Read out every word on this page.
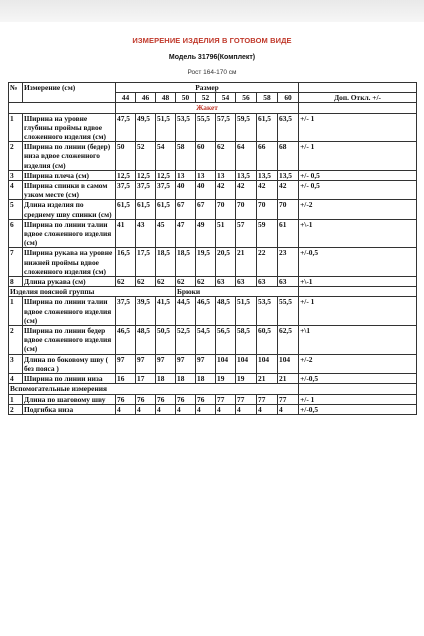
ИЗМЕРЕНИЕ ИЗДЕЛИЯ В ГОТОВОМ ВИДЕ
Модель 31796(Комплект)
Рост 164-170 см
№	Измерение (см)	Размер									
		44	46	48	50	52	54	56	58	60	Доп. Откл. +/-
		Жакет									
1	Ширина на уровне глубины проймы вдвое сложенного изделия (см)	47,5	49,5	51,5	53,5	55,5	57,5	59,5	61,5	63,5	+/- 1
2	Ширина по линии (бедер) низа вдвое сложенного изделия (см)	50	52	54	58	60	62	64	66	68	+/- 1
3	Ширина плеча (см)	12,5	12,5	12,5	13	13	13	13,5	13,5	13,5	+/- 0,5
4	Ширина спинки в самом узком месте (см)	37,5	37,5	37,5	40	40	42	42	42	42	+/- 0,5
5	Длина изделия по среднему шву спинки (см)	61,5	61,5	61,5	67	67	70	70	70	70	+/-2
6	Ширина по линии талии вдвое сложенного изделия (см)	41	43	45	47	49	51	57	59	61	+\-1
7	Ширина рукава на уровне нижней проймы вдвое сложенного изделия (см)	16,5	17,5	18,5	18,5	19,5	20,5	21	22	23	+/-0,5
8	Длина рукава (см)	62	62	62	62	62	63	63	63	63	+\-1
Изделия поясной группы					Брюки						
1	Ширина по линии талии вдвое сложенного изделия (см)	37,5	39,5	41,5	44,5	46,5	48,5	51,5	53,5	55,5	+/- 1
2	Ширина по линии бедер вдвое сложенного изделия (см)	46,5	48,5	50,5	52,5	54,5	56,5	58,5	60,5	62,5	+\1
3	Длина по боковому шву ( без пояса )	97	97	97	97	97	104	104	104	104	+/-2
4	Ширина по линии низа	16	17	18	18	18	19	19	21	21	+/-0,5
Вспомогательные измерения											
1	Длина по шаговому шву	76	76	76	76	76	77	77	77	77	+/- 1
2	Подгибка низа	4	4	4	4	4	4	4	4	4	+/-0,5
